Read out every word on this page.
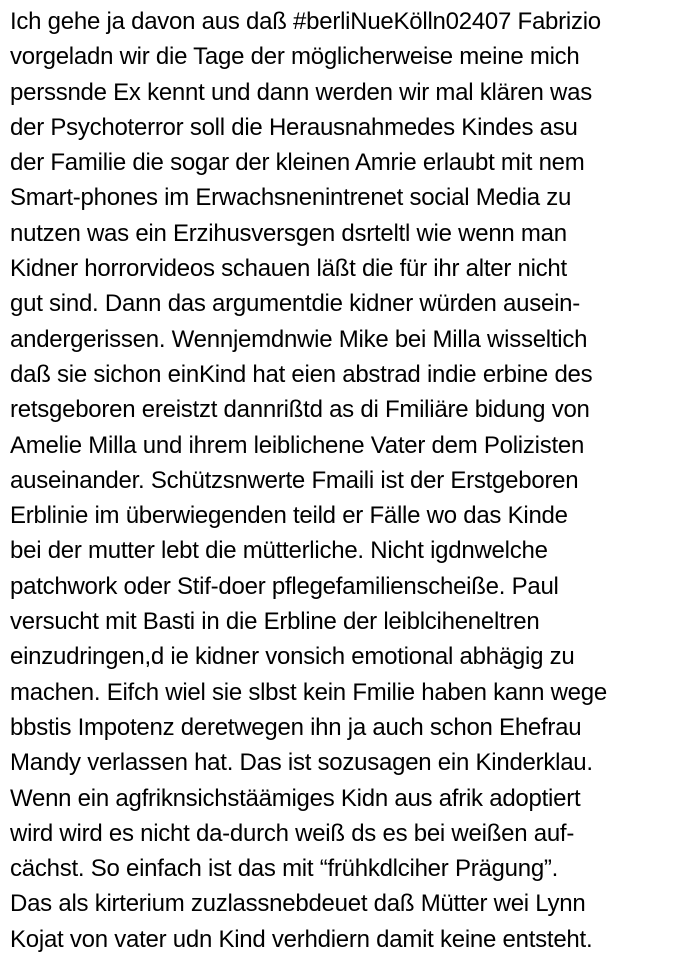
Ich gehe ja davon aus daß #berliNueKölln02407 Fabrizio
vorgeladn wir die Tage der möglicherweise meine mich
perssnde Ex kennt und dann werden wir mal klären was
der Psychoterror soll die Herausnahmedes Kindes asu
der Familie die sogar der kleinen Amrie erlaubt mit nem
Smart-phones im Erwachsnenintrenet social Media zu
nutzen was ein Erzihusversgen dsrteltl wie wenn man
Kidner horrorvideos schauen läßt die für ihr alter nicht
gut sind. Dann das argumentdie kidner würden ausein-
andergerissen. Wennjemdnwie Mike bei Milla wisseltich
daß sie sichon einKind hat eien abstrad indie erbine des
retsgeboren ereistzt dannrißtd as di Fmiliäre bidung von
Amelie Milla und ihrem leiblichene Vater dem Polizisten
auseinander. Schützsnwerte Fmaili ist der Erstgeboren
Erblinie im überwiegenden teild er Fälle wo das Kinde
bei der mutter lebt die mütterliche. Nicht igdnwelche
patchwork oder Stif-doer pflegefamilienscheiße. Paul
versucht mit Basti in die Erbline der leiblciheneltren
einzudringen,d ie kidner vonsich emotional abhägig zu
machen. Eifch wiel sie slbst kein Fmilie haben kann wege
bbstis Impotenz deretwegen ihn ja auch schon Ehefrau
Mandy verlassen hat. Das ist sozusagen ein Kinderklau.
Wenn ein agfriknsichstäämiges Kidn aus afrik adoptiert
wird wird es nicht da-durch weiß ds es bei weißen auf-
cächst. So einfach ist das mit “frühkdlciher Prägung”.
Das als kirterium zuzlassnebdeuet daß Mütter wei Lynn
Kojat von vater udn Kind verhdiern damit keine entsteht.
